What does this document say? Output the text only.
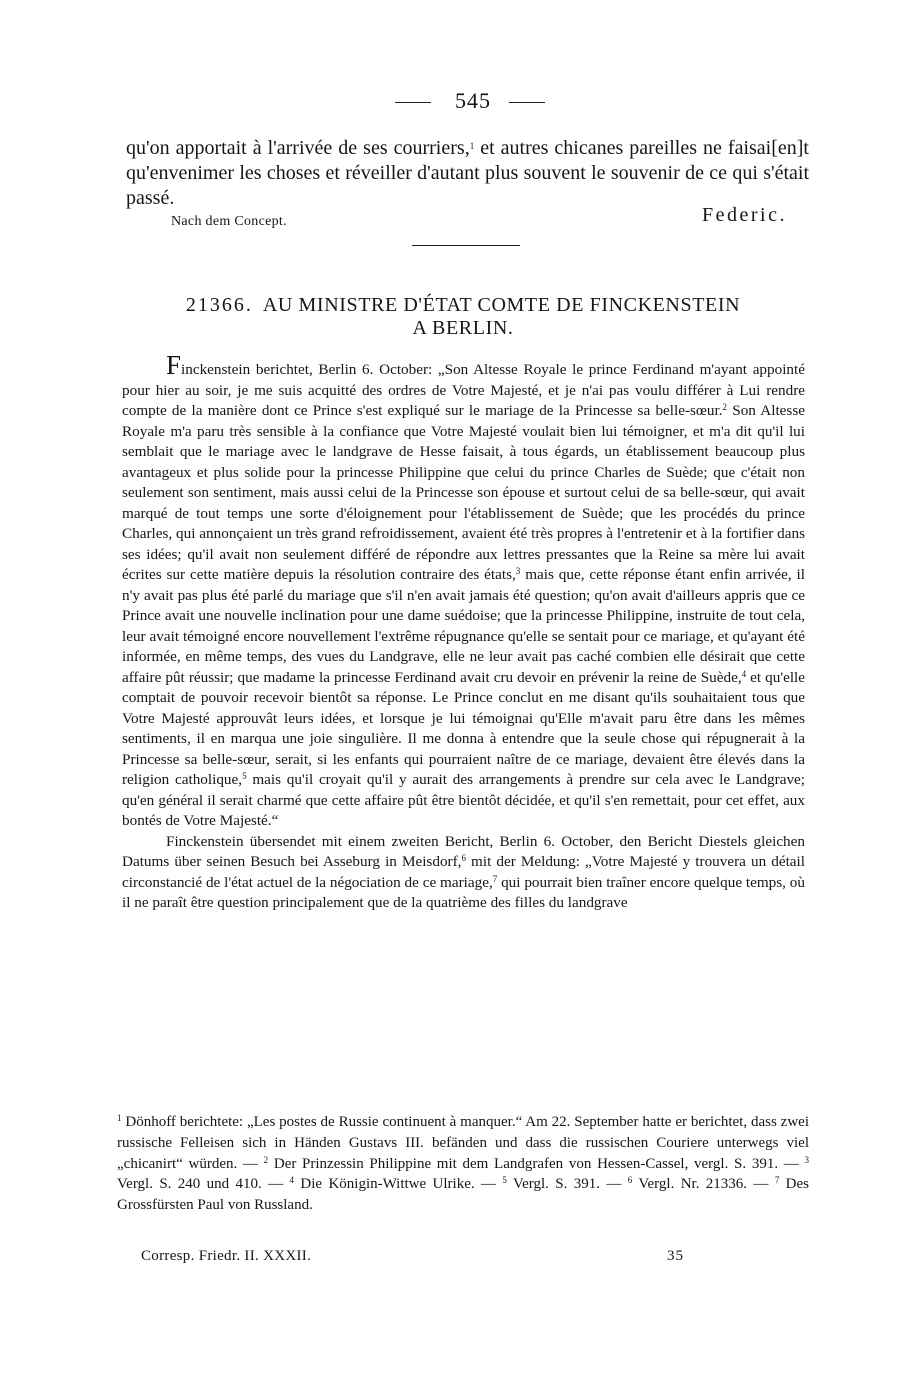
545
qu'on apportait à l'arrivée de ses courriers,$^1$ et autres chicanes pareilles ne faisai[en]t qu'envenimer les choses et réveiller d'autant plus souvent le souvenir de ce qui s'était passé.
Nach dem Concept.	Federic.
21366. AU MINISTRE D'ÉTAT COMTE DE FINCKENSTEIN
A BERLIN.

Finckenstein berichtet, Berlin 6. October: „Son Altesse Royale le prince Ferdinand m'ayant appointé pour hier au soir, je me suis acquitté des ordres de Votre Majesté, et je n'ai pas voulu différer à Lui rendre compte de la manière dont ce Prince s'est expliqué sur le mariage de la Princesse sa belle-sœur.$^2$ Son Altesse Royale m'a paru très sensible à la confiance que Votre Majesté voulait bien lui témoigner, et m'a dit qu'il lui semblait que le mariage avec le landgrave de Hesse faisait, à tous égards, un établissement beaucoup plus avantageux et plus solide pour la princesse Philippine que celui du prince Charles de Suède; que c'était non seulement son sentiment, mais aussi celui de la Princesse son épouse et surtout celui de sa belle-sœur, qui avait marqué de tout temps une sorte d'éloignement pour l'établissement de Suède; que les procédés du prince Charles, qui annonçaient un très grand refroidissement, avaient été très propres à l'entretenir et à la fortifier dans ses idées; qu'il avait non seulement différé de répondre aux lettres pressantes que la Reine sa mère lui avait écrites sur cette matière depuis la résolution contraire des états,$^3$ mais que, cette réponse étant enfin arrivée, il n'y avait pas plus été parlé du mariage que s'il n'en avait jamais été question; qu'on avait d'ailleurs appris que ce Prince avait une nouvelle inclination pour une dame suédoise; que la princesse Philippine, instruite de tout cela, leur avait témoigné encore nouvellement l'extrême répugnance qu'elle se sentait pour ce mariage, et qu'ayant été informée, en même temps, des vues du Landgrave, elle ne leur avait pas caché combien elle désirait que cette affaire pût réussir; que madame la princesse Ferdinand avait cru devoir en prévenir la reine de Suède,$^4$ et qu'elle comptait de pouvoir recevoir bientôt sa réponse. Le Prince conclut en me disant qu'ils souhaitaient tous que Votre Majesté approuvât leurs idées, et lorsque je lui témoignai qu'Elle m'avait paru être dans les mêmes sentiments, il en marqua une joie singulière. Il me donna à entendre que la seule chose qui répugnerait à la Princesse sa belle-sœur, serait, si les enfants qui pourraient naître de ce mariage, devaient être élevés dans la religion catholique,$^5$ mais qu'il croyait qu'il y aurait des arrangements à prendre sur cela avec le Landgrave; qu'en général il serait charmé que cette affaire pût être bientôt décidée, et qu'il s'en remettait, pour cet effet, aux bontés de Votre Majesté.“

Finckenstein übersendet mit einem zweiten Bericht, Berlin 6. October, den Bericht Diestels gleichen Datums über seinen Besuch bei Asseburg in Meisdorf,$^6$ mit der Meldung: „Votre Majesté y trouvera un détail circonstancié de l'état actuel de la négociation de ce mariage,$^7$ qui pourrait bien traîner encore quelque temps, où il ne paraît être question principalement que de la quatrième des filles du landgrave

$^1$ Dönhoff berichtete: „Les postes de Russie continuent à manquer.“ Am 22. September hatte er berichtet, dass zwei russische Felleisen sich in Händen Gustavs III. befänden und dass die russischen Couriere unterwegs viel „chicanirt“ würden. — $^2$ Der Prinzessin Philippine mit dem Landgrafen von Hessen-Cassel, vergl. S. 391. — $^3$ Vergl. S. 240 und 410. — $^4$ Die Königin-Wittwe Ulrike. — $^5$ Vergl. S. 391. — $^6$ Vergl. Nr. 21336. — $^7$ Des Grossfürsten Paul von Russland.
Corresp. Friedr. II. XXXII.	35
